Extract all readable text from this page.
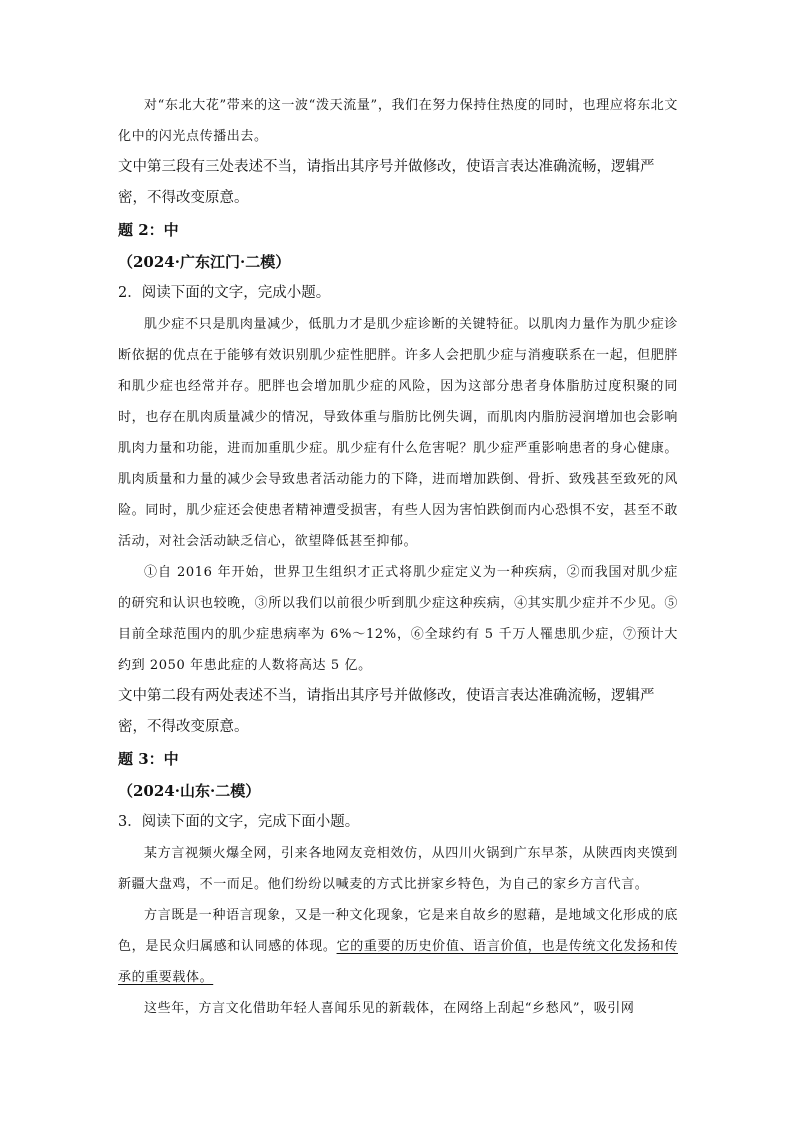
对“东北大花”带来的这一波“泼天流量”，我们在努力保持住热度的同时，也理应将东北文化中的闪光点传播出去。

文中第三段有三处表述不当，请指出其序号并做修改，使语言表达准确流畅，逻辑严密，不得改变原意。

题 2：中

（2024·广东江门·二模）

2．阅读下面的文字，完成小题。

肌少症不只是肌肉量减少，低肌力才是肌少症诊断的关键特征。以肌肉力量作为肌少症诊断依据的优点在于能够有效识别肌少症性肥胖。许多人会把肌少症与消瘦联系在一起，但肥胖和肌少症也经常并存。肥胖也会增加肌少症的风险，因为这部分患者身体脂肪过度积聚的同时，也存在肌肉质量减少的情况，导致体重与脂肪比例失调，而肌肉内脂肪浸润增加也会影响肌肉力量和功能，进而加重肌少症。肌少症有什么危害呢？肌少症严重影响患者的身心健康。肌肉质量和力量的减少会导致患者活动能力的下降，进而增加跌倒、骨折、致残甚至致死的风险。同时，肌少症还会使患者精神遭受损害，有些人因为害怕跌倒而内心恐惧不安，甚至不敢活动，对社会活动缺乏信心，欲望降低甚至抑郁。

①自 2016 年开始，世界卫生组织才正式将肌少症定义为一种疾病，②而我国对肌少症的研究和认识也较晚，③所以我们以前很少听到肌少症这种疾病，④其实肌少症并不少见。⑤目前全球范围内的肌少症患病率为 6%～12%，⑥全球约有 5 千万人罹患肌少症，⑦预计大约到 2050 年患此症的人数将高达 5 亿。

文中第二段有两处表述不当，请指出其序号并做修改，使语言表达准确流畅，逻辑严密，不得改变原意。

题 3：中

（2024·山东·二模）

3．阅读下面的文字，完成下面小题。

某方言视频火爆全网，引来各地网友竞相效仿，从四川火锅到广东早茶，从陕西肉夹馍到新疆大盘鸡，不一而足。他们纷纷以喊麦的方式比拼家乡特色，为自己的家乡方言代言。

方言既是一种语言现象，又是一种文化现象，它是来自故乡的慰藉，是地域文化形成的底色，是民众归属感和认同感的体现。它的重要的历史价值、语言价值，也是传统文化发扬和传承的重要载体。

这些年，方言文化借助年轻人喜闻乐见的新载体，在网络上刮起“乡愁风”，吸引网
